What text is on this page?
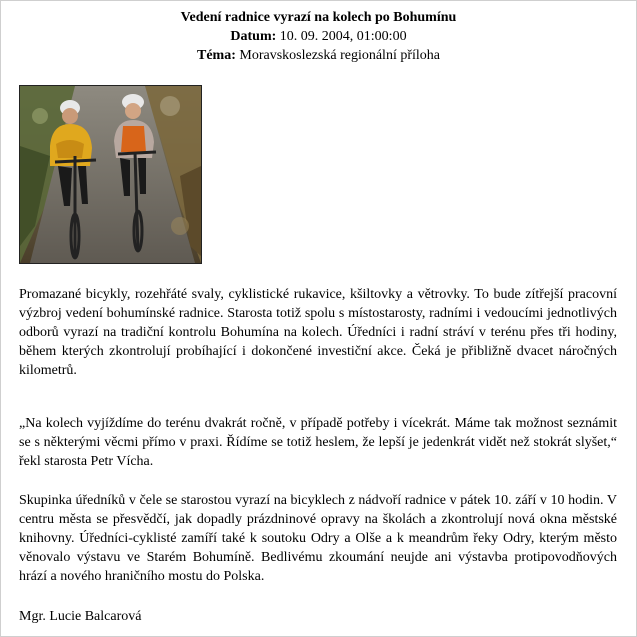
Vedení radnice vyrazí na kolech po Bohumínu
Datum: 10. 09. 2004, 01:00:00
Téma: Moravskoslezská regionální příloha

Promazané bicykly, rozehřáté svaly, cyklistické rukavice, kšiltovky a větrovky. To bude zítřejší pracovní výzbroj vedení bohumínské radnice. Starosta totiž spolu s místostarosty, radními i vedoucími jednotlivých odborů vyrazí na tradiční kontrolu Bohumína na kolech. Úředníci i radní stráví v terénu přes tři hodiny, během kterých zkontrolují probíhající i dokončené investiční akce. Čeká je přibližně dvacet náročných kilometrů.

„Na kolech vyjíždíme do terénu dvakrát ročně, v případě potřeby i vícekrát. Máme tak možnost seznámit se s některými věcmi přímo v praxi. Řídíme se totiž heslem, že lepší je jedenkrát vidět než stokrát slyšet,“ řekl starosta Petr Vícha.

Skupinka úředníků v čele se starostou vyrazí na bicyklech z nádvoří radnice v pátek 10. září v 10 hodin. V centru města se přesvědčí, jak dopadly prázdninové opravy na školách a zkontrolují nová okna městské knihovny. Úředníci-cyklisté zamíří také k soutoku Odry a Olše a k meandrům řeky Odry, kterým město věnovalo výstavu ve Starém Bohumíně. Bedlivému zkoumání neujde ani výstavba protipovodňových hrází a nového hraničního mostu do Polska.

Mgr. Lucie Balcarová
